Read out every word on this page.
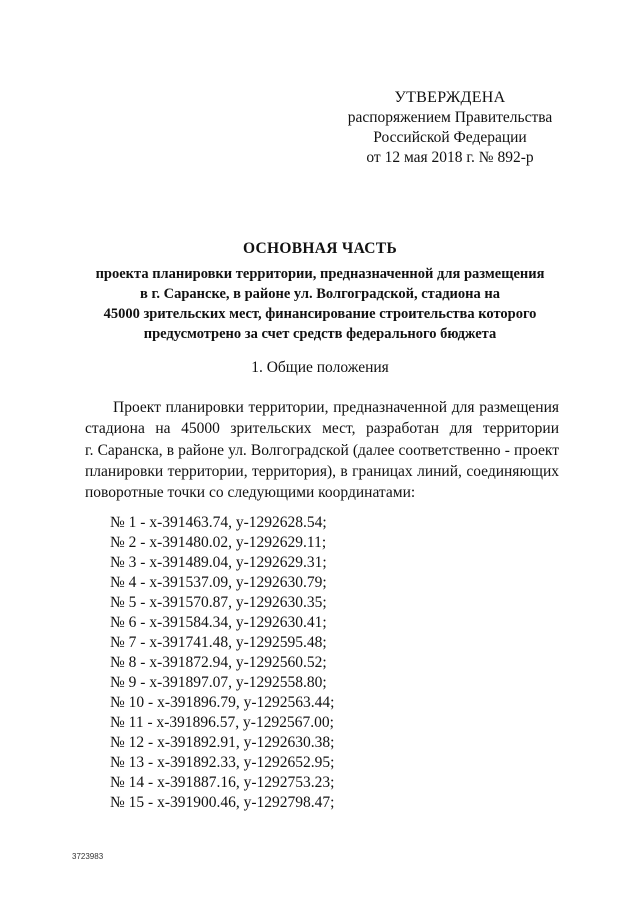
УТВЕРЖДЕНА
распоряжением Правительства
Российской Федерации
от 12 мая 2018 г. № 892-р
ОСНОВНАЯ ЧАСТЬ
проекта планировки территории, предназначенной для размещения
в г. Саранске, в районе ул. Волгоградской, стадиона на
45000 зрительских мест, финансирование строительства которого
предусмотрено за счет средств федерального бюджета
1. Общие положения
Проект планировки территории, предназначенной для размещения
стадиона на 45000 зрительских мест, разработан для территории
г. Саранска, в районе ул. Волгоградской (далее соответственно - проект
планировки территории, территория), в границах линий, соединяющих
поворотные точки со следующими координатами:
№ 1 - x-391463.74, y-1292628.54;
№ 2 - x-391480.02, y-1292629.11;
№ 3 - x-391489.04, y-1292629.31;
№ 4 - x-391537.09, y-1292630.79;
№ 5 - x-391570.87, y-1292630.35;
№ 6 - x-391584.34, y-1292630.41;
№ 7 - x-391741.48, y-1292595.48;
№ 8 - x-391872.94, y-1292560.52;
№ 9 - x-391897.07, y-1292558.80;
№ 10 - x-391896.79, y-1292563.44;
№ 11 - x-391896.57, y-1292567.00;
№ 12 - x-391892.91, y-1292630.38;
№ 13 - x-391892.33, y-1292652.95;
№ 14 - x-391887.16, y-1292753.23;
№ 15 - x-391900.46, y-1292798.47;
3723983
